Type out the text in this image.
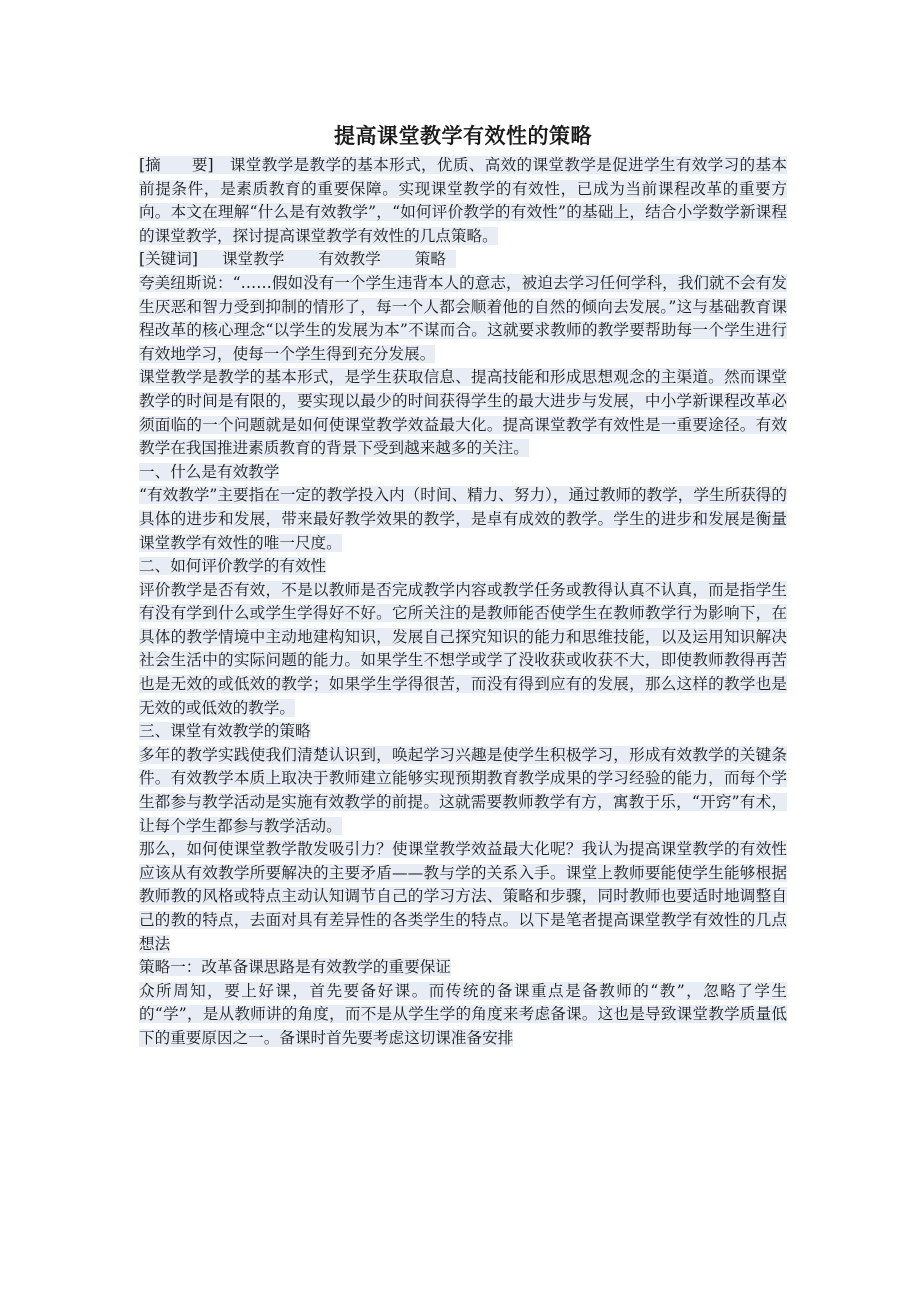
提高课堂教学有效性的策略

[摘　　要] 课堂教学是教学的基本形式，优质、高效的课堂教学是促进学生有效学习的基本前提条件，是素质教育的重要保障。实现课堂教学的有效性，已成为当前课程改革的重要方向。本文在理解“什么是有效教学”，“如何评价教学的有效性”的基础上，结合小学数学新课程的课堂教学，探讨提高课堂教学有效性的几点策略。

[关键词] 课堂教学 有效教学 策略

夸美纽斯说：“……假如没有一个学生违背本人的意志，被迫去学习任何学科，我们就不会有发生厌恶和智力受到抑制的情形了，每一个人都会顺着他的自然的倾向去发展。”这与基础教育课程改革的核心理念“以学生的发展为本”不谋而合。这就要求教师的教学要帮助每一个学生进行有效地学习，使每一个学生得到充分发展。

课堂教学是教学的基本形式，是学生获取信息、提高技能和形成思想观念的主渠道。然而课堂教学的时间是有限的，要实现以最少的时间获得学生的最大进步与发展，中小学新课程改革必须面临的一个问题就是如何使课堂教学效益最大化。提高课堂教学有效性是一重要途径。有效教学在我国推进素质教育的背景下受到越来越多的关注。

一、什么是有效教学

“有效教学”主要指在一定的教学投入内（时间、精力、努力），通过教师的教学，学生所获得的具体的进步和发展，带来最好教学效果的教学，是卓有成效的教学。学生的进步和发展是衡量课堂教学有效性的唯一尺度。

二、如何评价教学的有效性

评价教学是否有效，不是以教师是否完成教学内容或教学任务或教得认真不认真，而是指学生有没有学到什么或学生学得好不好。它所关注的是教师能否使学生在教师教学行为影响下，在具体的教学情境中主动地建构知识，发展自己探究知识的能力和思维技能，以及运用知识解决社会生活中的实际问题的能力。如果学生不想学或学了没收获或收获不大，即使教师教得再苦也是无效的或低效的教学；如果学生学得很苦，而没有得到应有的发展，那么这样的教学也是无效的或低效的教学。

三、课堂有效教学的策略

多年的教学实践使我们清楚认识到，唤起学习兴趣是使学生积极学习，形成有效教学的关键条件。有效教学本质上取决于教师建立能够实现预期教育教学成果的学习经验的能力，而每个学生都参与教学活动是实施有效教学的前提。这就需要教师教学有方，寓教于乐，“开窍”有术，让每个学生都参与教学活动。

那么，如何使课堂教学散发吸引力？使课堂教学效益最大化呢？我认为提高课堂教学的有效性应该从有效教学所要解决的主要矛盾——教与学的关系入手。课堂上教师要能使学生能够根据教师教的风格或特点主动认知调节自己的学习方法、策略和步骤，同时教师也要适时地调整自己的教的特点，去面对具有差异性的各类学生的特点。以下是笔者提高课堂教学有效性的几点想法

策略一：改革备课思路是有效教学的重要保证

众所周知，要上好课，首先要备好课。而传统的备课重点是备教师的“教”，忽略了学生的“学”，是从教师讲的角度，而不是从学生学的角度来考虑备课。这也是导致课堂教学质量低下的重要原因之一。备课时首先要考虑这切课准备安排
